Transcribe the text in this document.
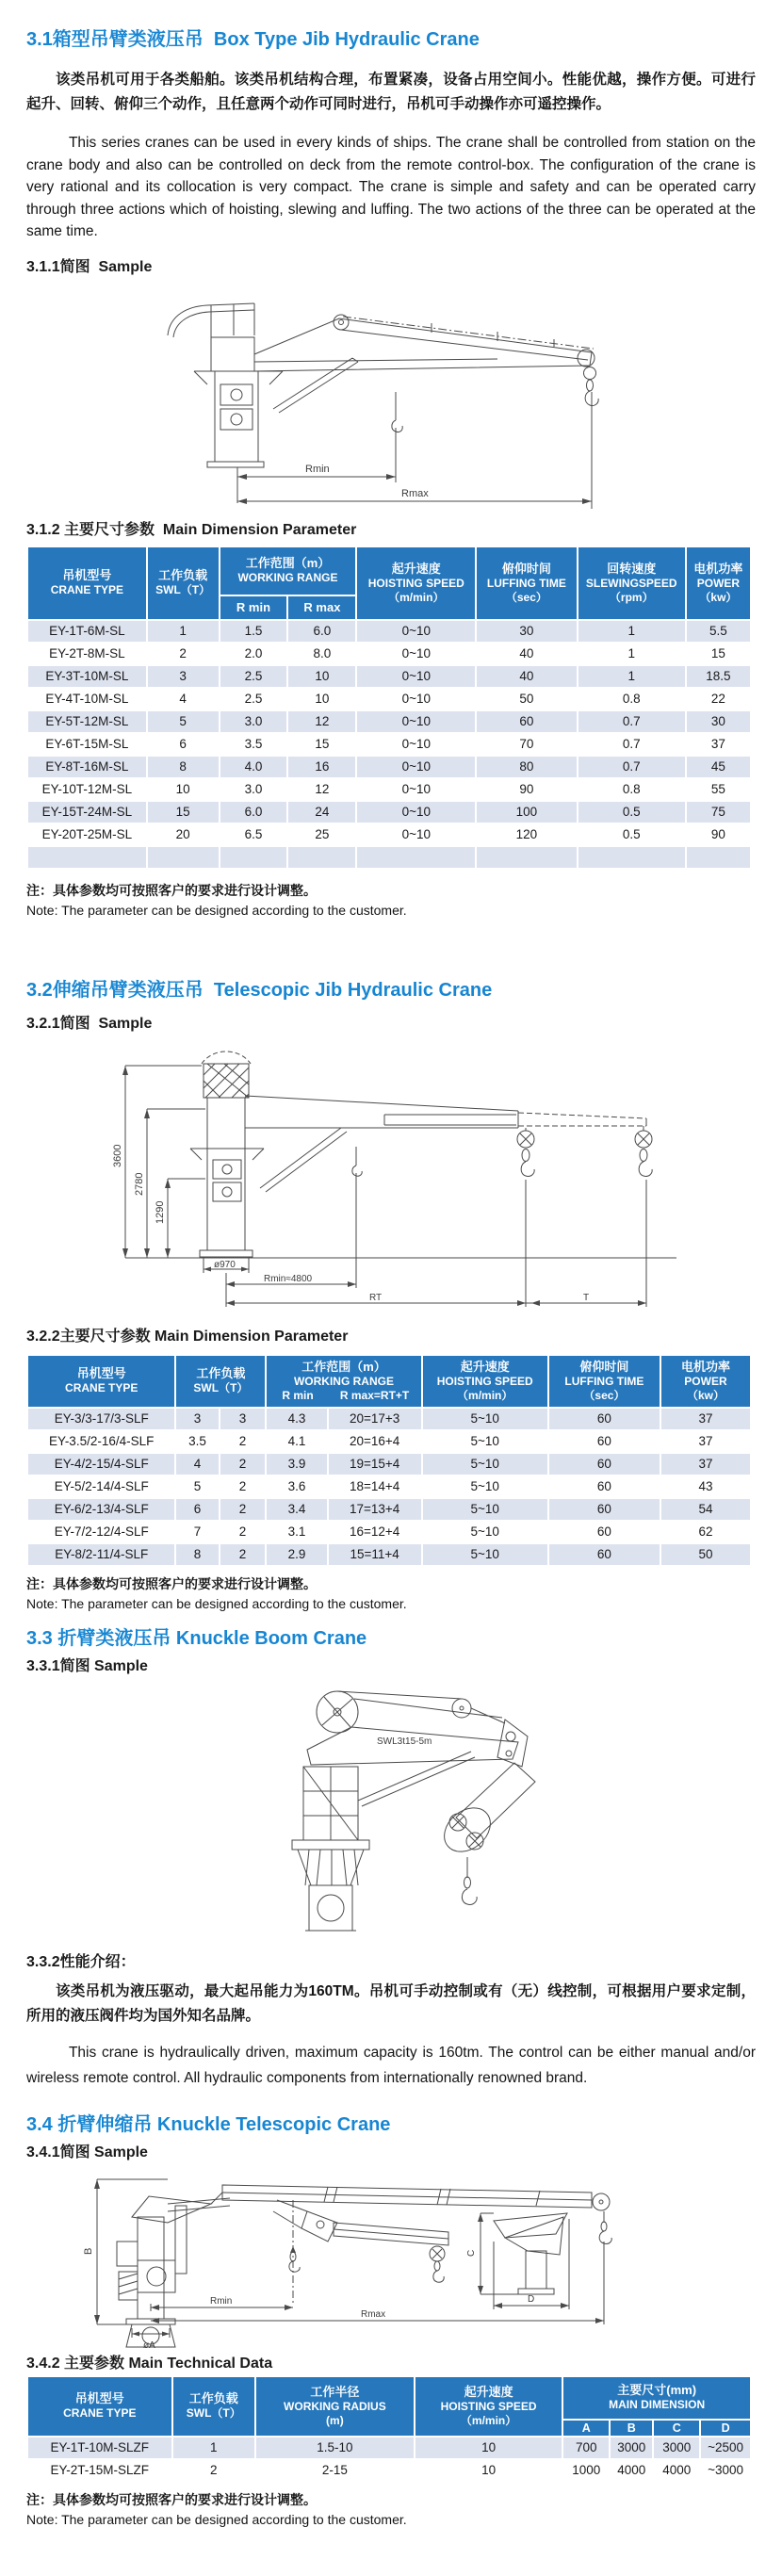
3.1箱型吊臂类液压吊  Box Type Jib Hydraulic Crane

该类吊机可用于各类船舶。该类吊机结构合理，布置紧凑，设备占用空间小。性能优越，操作方便。可进行起升、回转、俯仰三个动作，且任意两个动作可同时进行，吊机可手动操作亦可遥控操作。

This series cranes can be used in every kinds of ships. The crane shall be controlled from station on the crane body and also can be controlled on deck from the remote control-box. The configuration of the crane is very rational and its collocation is very compact. The crane is simple and safety and can be operated carry through three actions which of hoisting, slewing and luffing. The two actions of the three can be operated at the same time.

3.1.1简图  Sample
Rmin
Rmax
3.1.2 主要尺寸参数  Main Dimension Parameter
吊机型号
CRANE TYPE	工作负载
SWL（T）	工作范围（m）
WORKING RANGE		起升速度
HOISTING SPEED
（m/min）	俯仰时间
LUFFING TIME
（sec）	回转速度
SLEWINGSPEED
（rpm）	电机功率
POWER
（kw）

		R min	R max				
EY-1T-6M-SL	1	1.5	6.0	0~10	30	1	5.5
EY-2T-8M-SL	2	2.0	8.0	0~10	40	1	15
EY-3T-10M-SL	3	2.5	10	0~10	40	1	18.5
EY-4T-10M-SL	4	2.5	10	0~10	50	0.8	22
EY-5T-12M-SL	5	3.0	12	0~10	60	0.7	30
EY-6T-15M-SL	6	3.5	15	0~10	70	0.7	37
EY-8T-16M-SL	8	4.0	16	0~10	80	0.7	45
EY-10T-12M-SL	10	3.0	12	0~10	90	0.8	55
EY-15T-24M-SL	15	6.0	24	0~10	100	0.5	75
EY-20T-25M-SL	20	6.5	25	0~10	120	0.5	90

注：具体参数均可按照客户的要求进行设计调整。
Note: The parameter can be designed according to the customer.
3.2伸缩吊臂类液压吊  Telescopic Jib Hydraulic Crane
3.2.1简图  Sample
3600
2780
1290
ø970
Rmin≈4800
RT	T
3.2.2主要尺寸参数 Main Dimension Parameter
吊机型号
CRANE TYPE	工作负载
SWL（T）		工作范围（m）
WORKING RANGE
R min R max=RT+T		起升速度
HOISTING SPEED
（m/min）	俯仰时间
LUFFING TIME
（sec）	电机功率
POWER
（kw）

EY-3/3-17/3-SLF	3	3	4.3	20=17+3	5~10	60	37
EY-3.5/2-16/4-SLF	3.5	2	4.1	20=16+4	5~10	60	37
EY-4/2-15/4-SLF	4	2	3.9	19=15+4	5~10	60	37
EY-5/2-14/4-SLF	5	2	3.6	18=14+4	5~10	60	43
EY-6/2-13/4-SLF	6	2	3.4	17=13+4	5~10	60	54
EY-7/2-12/4-SLF	7	2	3.1	16=12+4	5~10	60	62
EY-8/2-11/4-SLF	8	2	2.9	15=11+4	5~10	60	50
注：具体参数均可按照客户的要求进行设计调整。
Note: The parameter can be designed according to the customer.
3.3 折臂类液压吊 Knuckle Boom Crane
3.3.1简图 Sample
SWL3t15-5m
3.3.2性能介绍：

该类吊机为液压驱动，最大起吊能力为160TM。吊机可手动控制或有（无）线控制，可根据用户要求定制，所用的液压阀件均为国外知名品牌。

This crane is hydraulically driven, maximum capacity is 160tm. The control can be either manual and/or wireless remote control. All hydraulic components from internationally renowned brand.

3.4 折臂伸缩吊 Knuckle Telescopic Crane
3.4.1简图 Sample
B
øA
Rmin
Rmax
C
D
3.4.2 主要参数 Main Technical Data
吊机型号
CRANE TYPE	工作负载
SWL（T）	工作半径
WORKING RADIUS
(m)	起升速度
HOISTING SPEED
（m/min）	主要尺寸(mm)
MAIN DIMENSION			

				A	B	C	D
EY-1T-10M-SLZF	1	1.5-10	10	700	3000	3000	~2500
EY-2T-15M-SLZF	2	2-15	10	1000	4000	4000	~3000
注：具体参数均可按照客户的要求进行设计调整。
Note: The parameter can be designed according to the customer.
